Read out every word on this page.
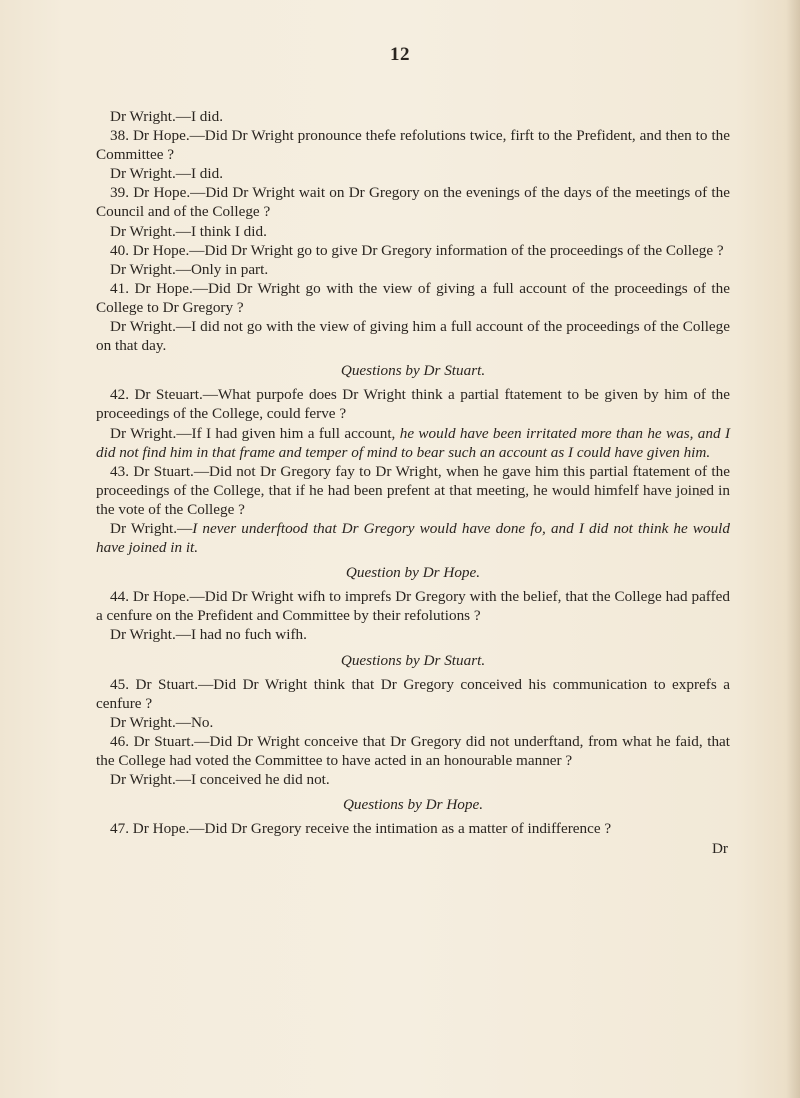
12

Dr Wright.—I did.

38. Dr Hope.—Did Dr Wright pronounce thefe refolutions twice, firft to the Prefident, and then to the Committee ?

Dr Wright.—I did.

39. Dr Hope.—Did Dr Wright wait on Dr Gregory on the evenings of the days of the meetings of the Council and of the College ?

Dr Wright.—I think I did.

40. Dr Hope.—Did Dr Wright go to give Dr Gregory information of the proceedings of the College ?

Dr Wright.—Only in part.

41. Dr Hope.—Did Dr Wright go with the view of giving a full account of the proceedings of the College to Dr Gregory ?

Dr Wright.—I did not go with the view of giving him a full account of the proceedings of the College on that day.

Questions by Dr Stuart.

42. Dr Steuart.—What purpofe does Dr Wright think a partial ftatement to be given by him of the proceedings of the College, could ferve ?

Dr Wright.—If I had given him a full account, he would have been irritated more than he was, and I did not find him in that frame and temper of mind to bear such an account as I could have given him.

43. Dr Stuart.—Did not Dr Gregory fay to Dr Wright, when he gave him this partial ftatement of the proceedings of the College, that if he had been prefent at that meeting, he would himfelf have joined in the vote of the College ?

Dr Wright.—I never underftood that Dr Gregory would have done fo, and I did not think he would have joined in it.

Question by Dr Hope.

44. Dr Hope.—Did Dr Wright wifh to imprefs Dr Gregory with the belief, that the College had paffed a cenfure on the Prefident and Committee by their refolutions ?

Dr Wright.—I had no fuch wifh.

Questions by Dr Stuart.

45. Dr Stuart.—Did Dr Wright think that Dr Gregory conceived his communication to exprefs a cenfure ?

Dr Wright.—No.

46. Dr Stuart.—Did Dr Wright conceive that Dr Gregory did not underftand, from what he faid, that the College had voted the Committee to have acted in an honourable manner ?

Dr Wright.—I conceived he did not.

Questions by Dr Hope.

47. Dr Hope.—Did Dr Gregory receive the intimation as a matter of indifference ?

Dr
